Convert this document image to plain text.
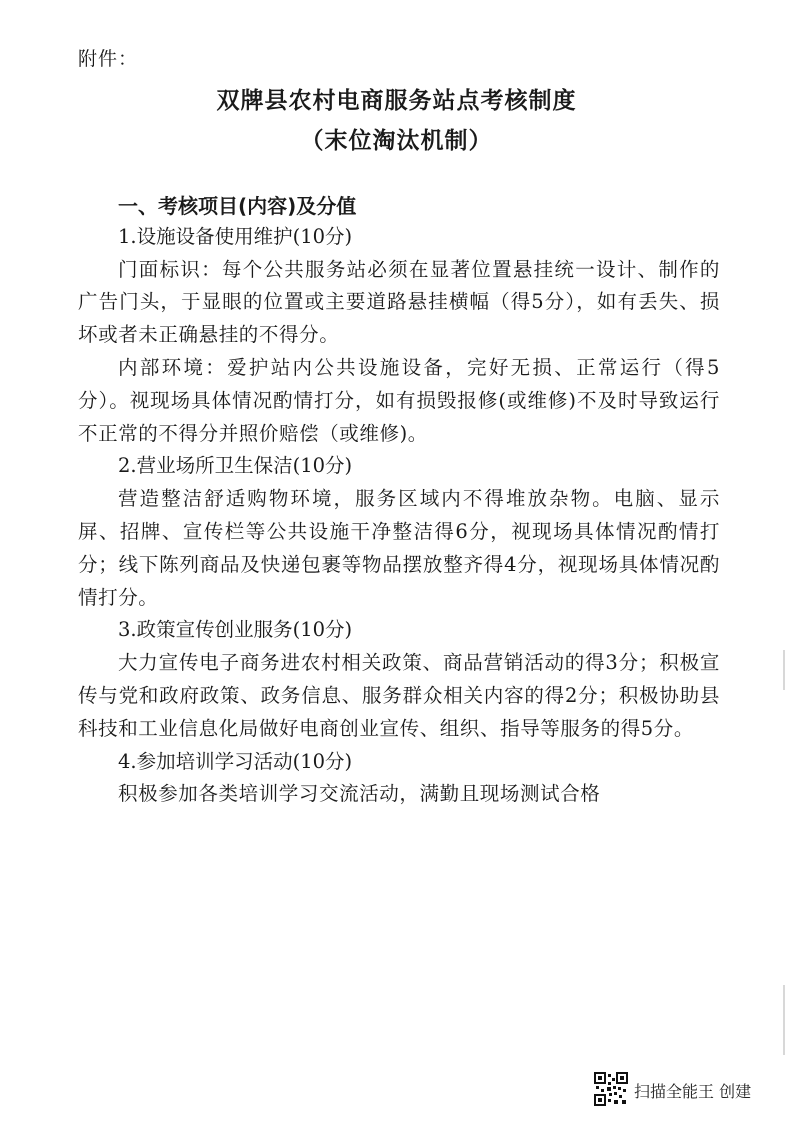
附件：
双牌县农村电商服务站点考核制度
（末位淘汰机制）

一、考核项目(内容)及分值

1.设施设备使用维护(10分)

门面标识：每个公共服务站必须在显著位置悬挂统一设计、制作的广告门头，于显眼的位置或主要道路悬挂横幅（得5分），如有丢失、损坏或者未正确悬挂的不得分。

内部环境：爱护站内公共设施设备，完好无损、正常运行（得5分）。视现场具体情况酌情打分，如有损毁报修(或维修)不及时导致运行不正常的不得分并照价赔偿（或维修)。

2.营业场所卫生保洁(10分)

营造整洁舒适购物环境，服务区域内不得堆放杂物。电脑、显示屏、招牌、宣传栏等公共设施干净整洁得6分，视现场具体情况酌情打分；线下陈列商品及快递包裹等物品摆放整齐得4分，视现场具体情况酌情打分。

3.政策宣传创业服务(10分)

大力宣传电子商务进农村相关政策、商品营销活动的得3分；积极宣传与党和政府政策、政务信息、服务群众相关内容的得2分；积极协助县科技和工业信息化局做好电商创业宣传、组织、指导等服务的得5分。

4.参加培训学习活动(10分)

积极参加各类培训学习交流活动，满勤且现场测试合格

扫描全能王 创建
